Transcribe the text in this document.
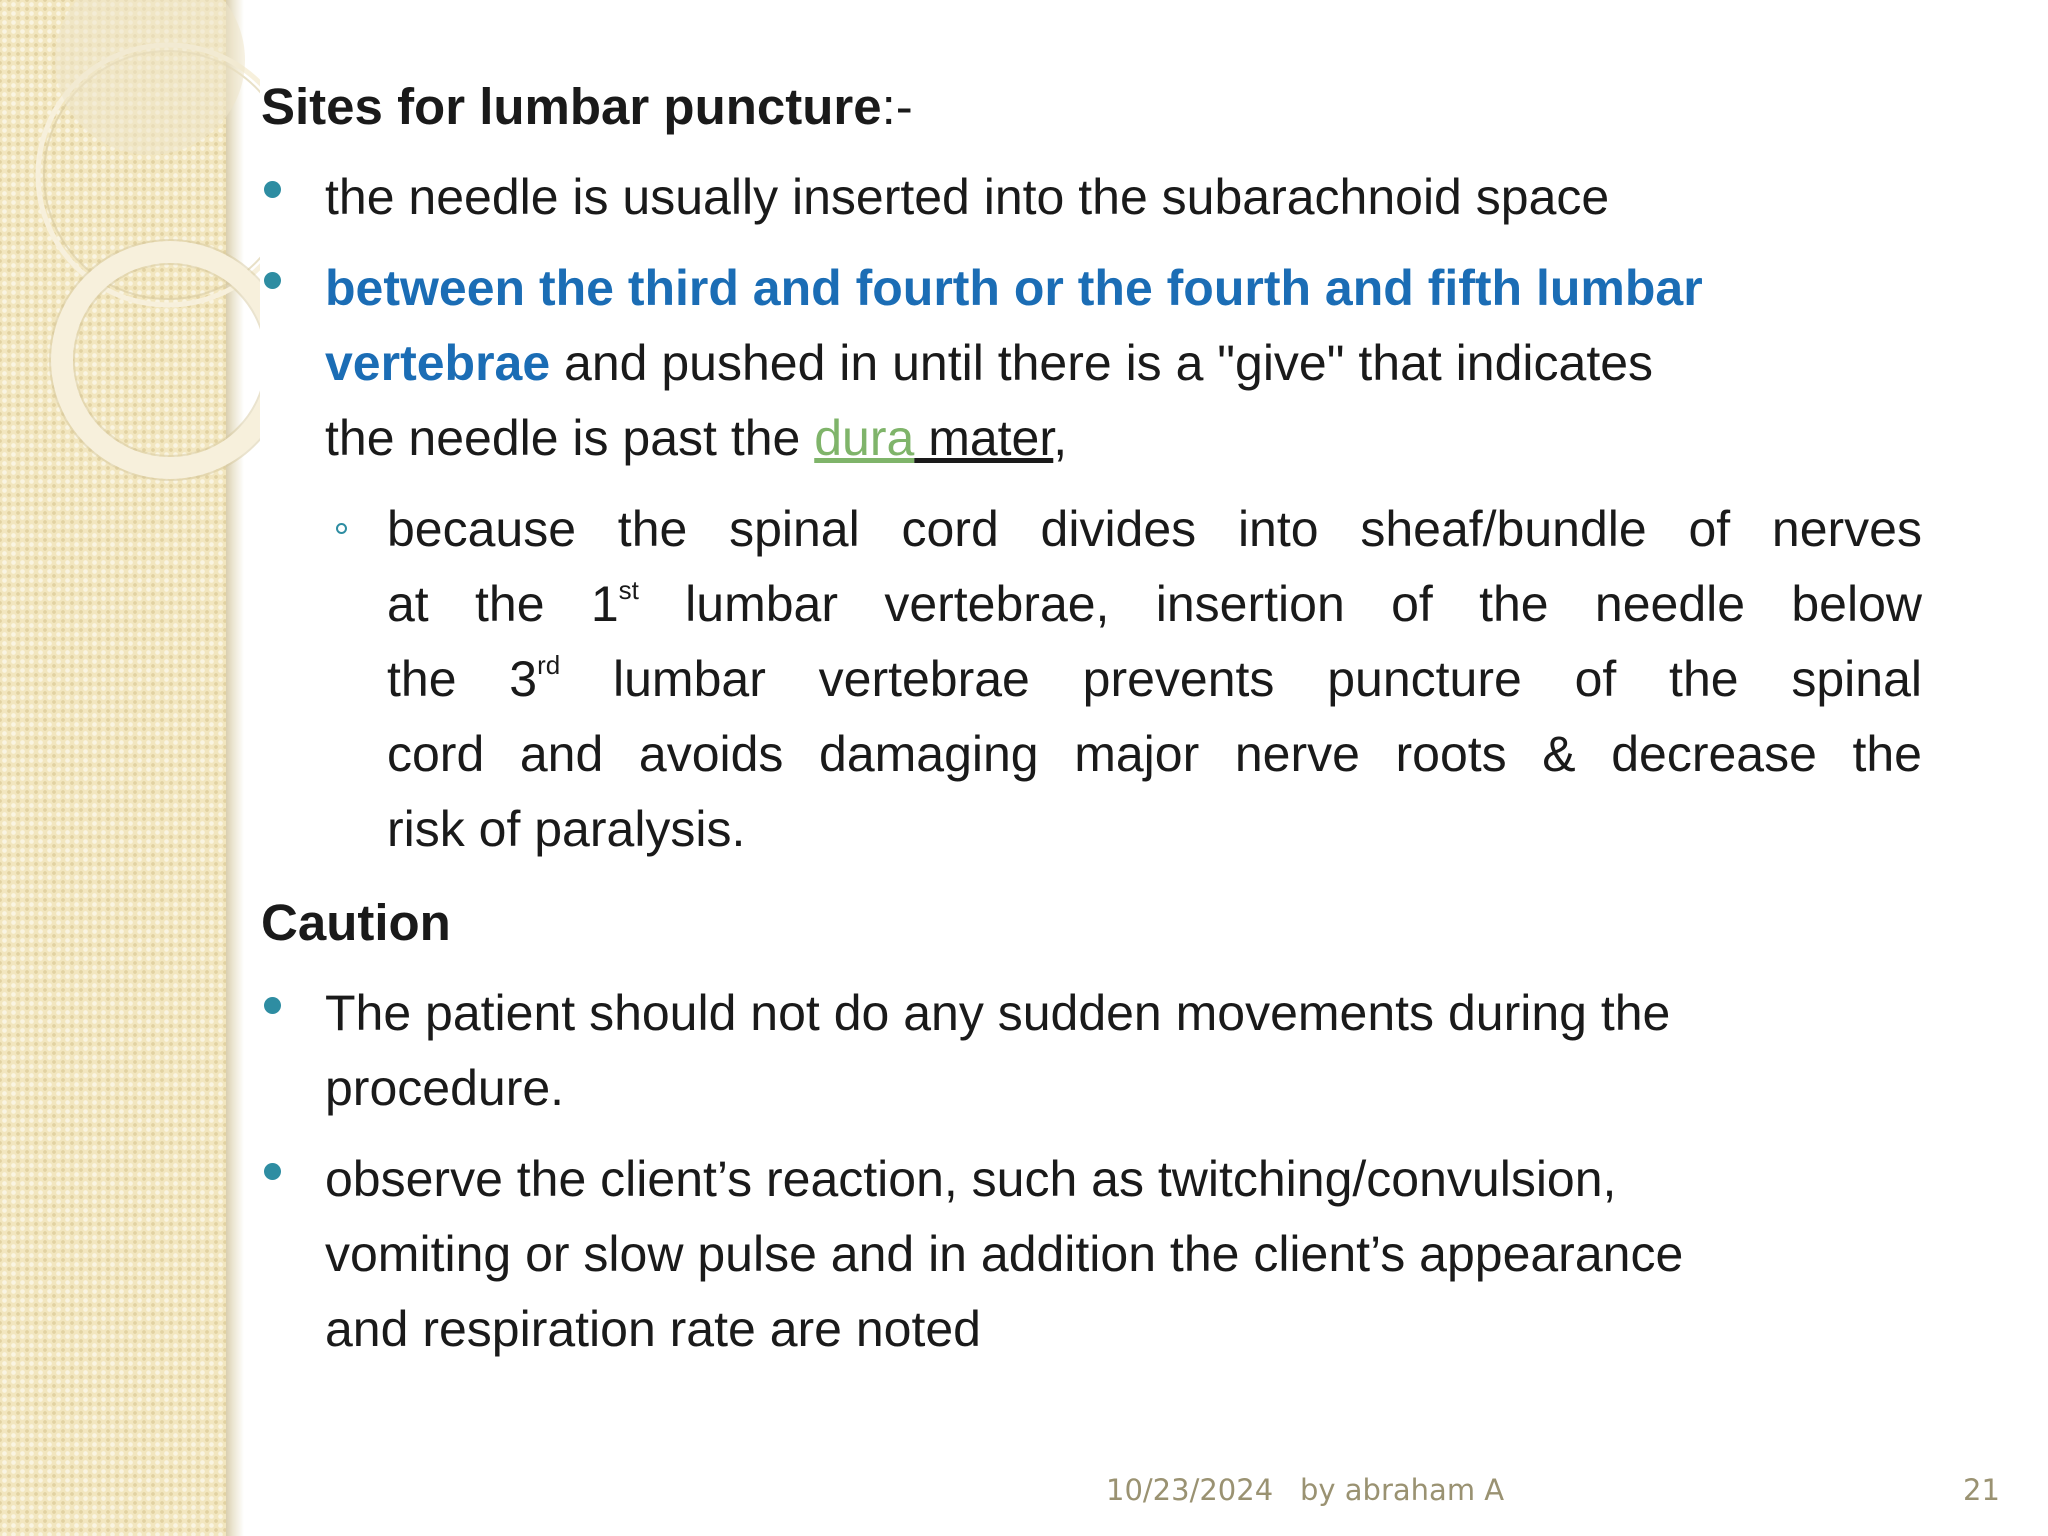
Sites for lumbar puncture:-
the needle is usually inserted into the subarachnoid space
between the third and fourth or the fourth and fifth lumbar
vertebrae and pushed in until there is a "give" that indicates
the needle is past the dura mater,
because the spinal cord divides into sheaf/bundle of nerves
at the 1st lumbar vertebrae, insertion of the needle below
the 3rd lumbar vertebrae prevents puncture of the spinal
cord and avoids damaging major nerve roots & decrease the
risk of paralysis.
Caution
The patient should not do any sudden movements during the
procedure.
observe the client’s reaction, such as twitching/convulsion,
vomiting or slow pulse and in addition the client’s appearance
and respiration rate are noted
10/23/2024 by abraham A	21
